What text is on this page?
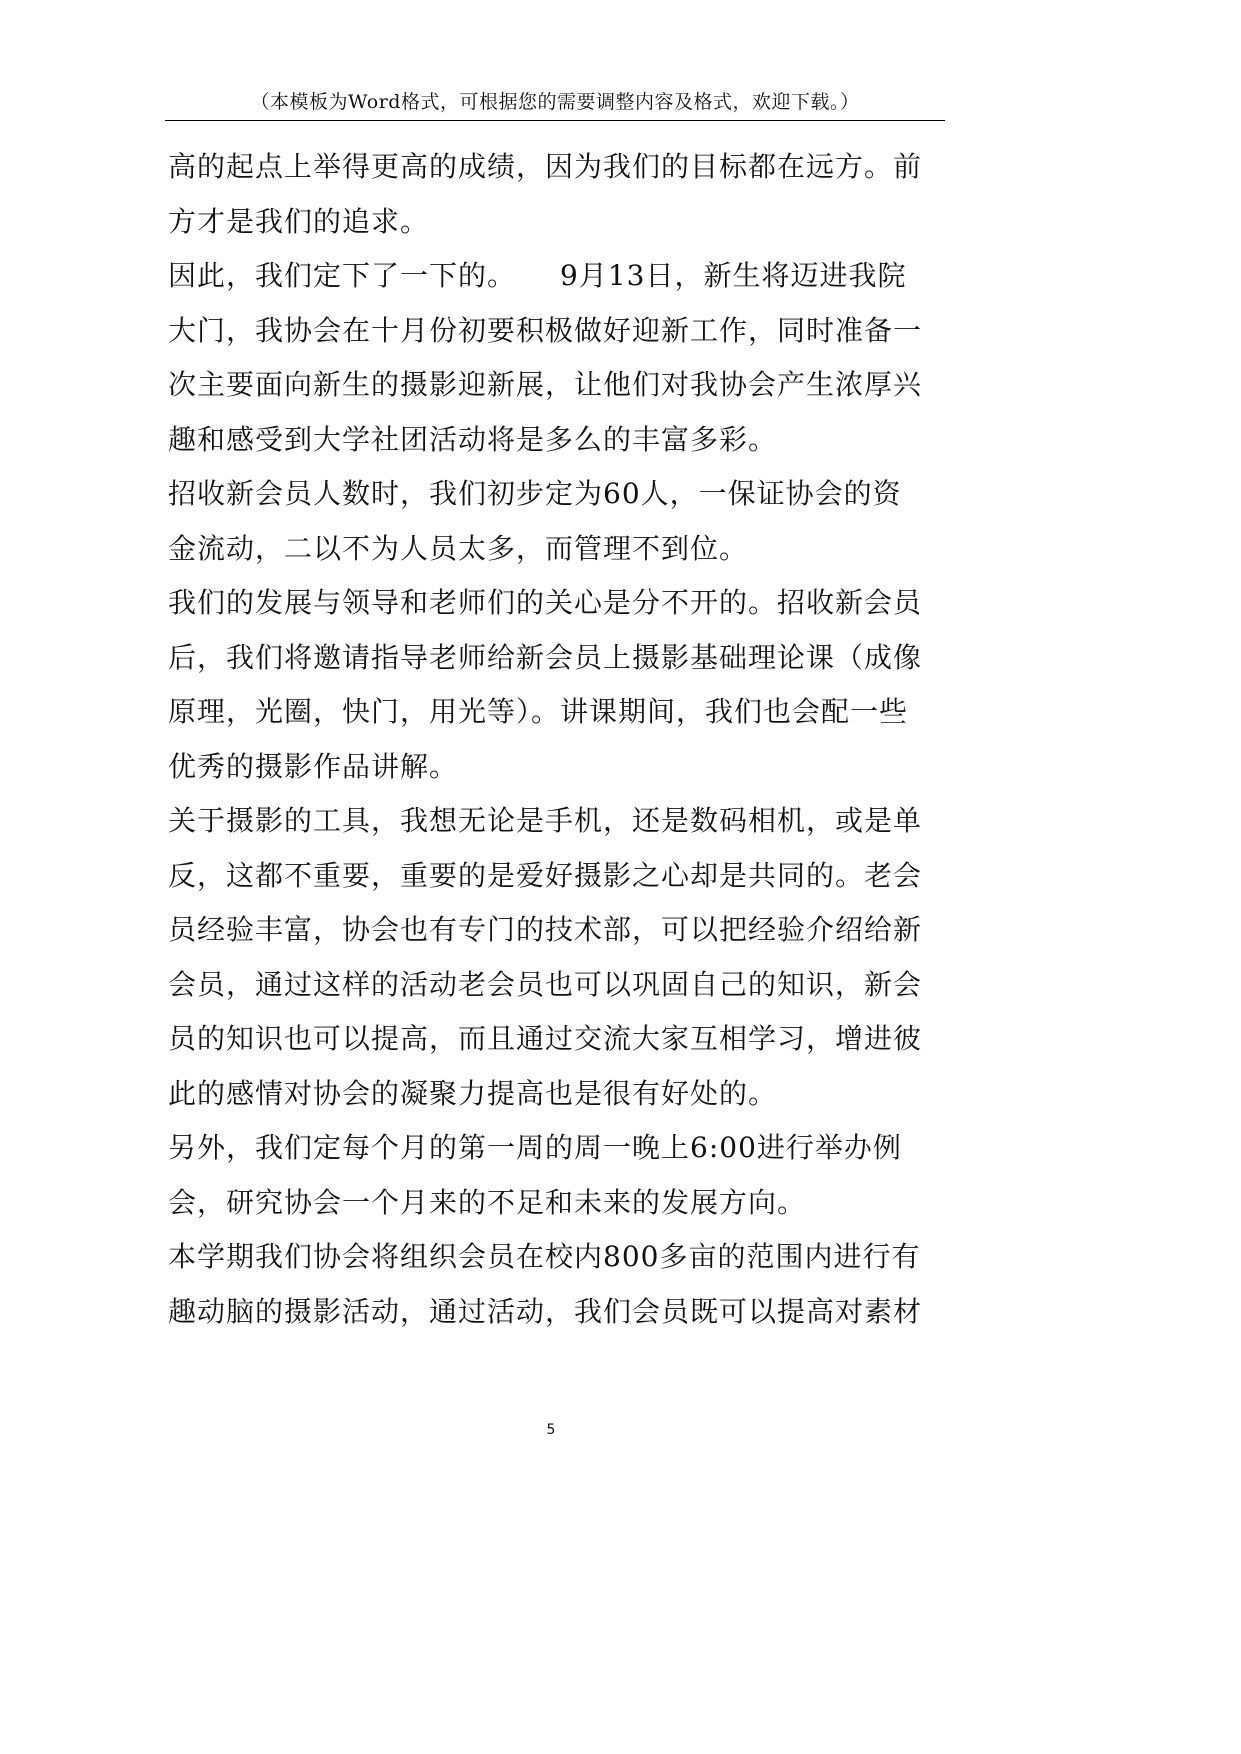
（本模板为Word格式，可根据您的需要调整内容及格式，欢迎下载。）
高的起点上举得更高的成绩，因为我们的目标都在远方。前
方才是我们的追求。
因此，我们定下了一下的。　　9月13日，新生将迈进我院
大门，我协会在十月份初要积极做好迎新工作，同时准备一
次主要面向新生的摄影迎新展，让他们对我协会产生浓厚兴
趣和感受到大学社团活动将是多么的丰富多彩。
招收新会员人数时，我们初步定为60人，一保证协会的资
金流动，二以不为人员太多，而管理不到位。
我们的发展与领导和老师们的关心是分不开的。招收新会员
后，我们将邀请指导老师给新会员上摄影基础理论课（成像
原理，光圈，快门，用光等）。讲课期间，我们也会配一些
优秀的摄影作品讲解。
关于摄影的工具，我想无论是手机，还是数码相机，或是单
反，这都不重要，重要的是爱好摄影之心却是共同的。老会
员经验丰富，协会也有专门的技术部，可以把经验介绍给新
会员，通过这样的活动老会员也可以巩固自己的知识，新会
员的知识也可以提高，而且通过交流大家互相学习，增进彼
此的感情对协会的凝聚力提高也是很有好处的。
另外，我们定每个月的第一周的周一晚上6:00进行举办例
会，研究协会一个月来的不足和未来的发展方向。
本学期我们协会将组织会员在校内800多亩的范围内进行有
趣动脑的摄影活动，通过活动，我们会员既可以提高对素材
5
